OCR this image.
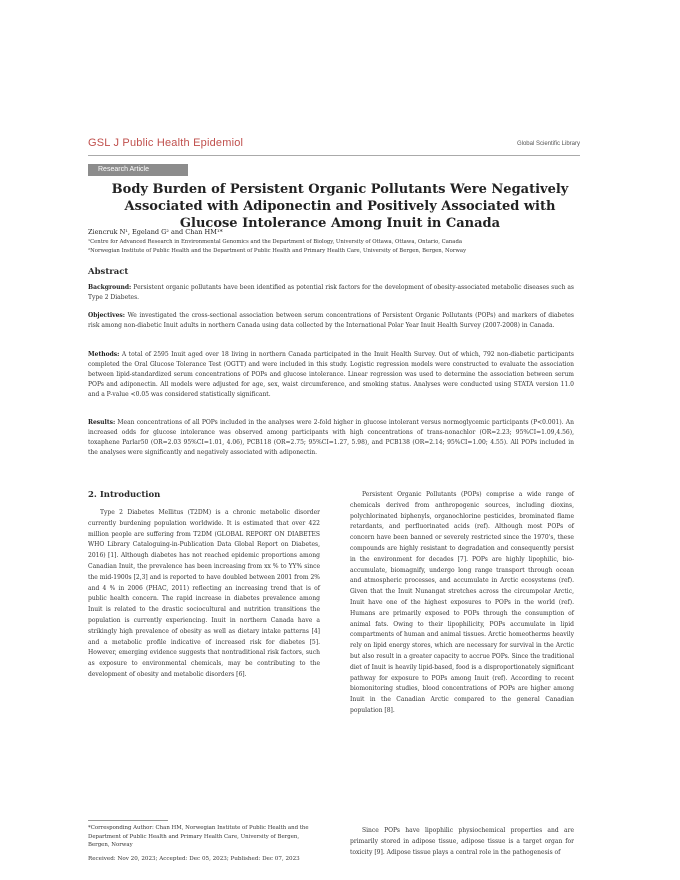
GSL J Public Health Epidemiol	Global Scientific Library
Research Article
Body Burden of Persistent Organic Pollutants Were Negatively Associated with Adiponectin and Positively Associated with Glucose Intolerance Among Inuit in Canada
Ziencruk N¹, Egeland G² and Chan HM¹*
¹Centre for Advanced Research in Environmental Genomics and the Department of Biology, University of Ottawa, Ottawa, Ontario, Canada
²Norwegian Institute of Public Health and the Department of Public Health and Primary Health Care, University of Bergen, Bergen, Norway
Abstract
Background: Persistent organic pollutants have been identified as potential risk factors for the development of obesity-associated metabolic diseases such as Type 2 Diabetes.
Objectives: We investigated the cross-sectional association between serum concentrations of Persistent Organic Pollutants (POPs) and markers of diabetes risk among non-diabetic Inuit adults in northern Canada using data collected by the International Polar Year Inuit Health Survey (2007-2008) in Canada.
Methods: A total of 2595 Inuit aged over 18 living in northern Canada participated in the Inuit Health Survey. Out of which, 792 non-diabetic participants completed the Oral Glucose Tolerance Test (OGTT) and were included in this study. Logistic regression models were constructed to evaluate the association between lipid-standardized serum concentrations of POPs and glucose intolerance. Linear regression was used to determine the association between serum POPs and adiponectin. All models were adjusted for age, sex, waist circumference, and smoking status. Analyses were conducted using STATA version 11.0 and a P-value <0.05 was considered statistically significant.
Results: Mean concentrations of all POPs included in the analyses were 2-fold higher in glucose intolerant versus normoglycemic participants (P<0.001). An increased odds for glucose intolerance was observed among participants with high concentrations of trans-nonachlor (OR=2.23; 95%CI=1.09,4.56), toxaphene Parlar50 (OR=2.03 95%CI=1.01, 4.06), PCB118 (OR=2.75; 95%CI=1.27, 5.98), and PCB138 (OR=2.14; 95%CI=1.00; 4.55). All POPs included in the analyses were significantly and negatively associated with adiponectin.
2. Introduction

Type 2 Diabetes Mellitus (T2DM) is a chronic metabolic disorder currently burdening population worldwide. It is estimated that over 422 million people are suffering from T2DM (GLOBAL REPORT ON DIABETES WHO Library Cataloguing-in-Publication Data Global Report on Diabetes, 2016) [1]. Although diabetes has not reached epidemic proportions among Canadian Inuit, the prevalence has been increasing from xx % to YY% since the mid-1900s [2,3] and is reported to have doubled between 2001 from 2% and 4 % in 2006 (PHAC, 2011) reflecting an increasing trend that is of public health concern. The rapid increase in diabetes prevalence among Inuit is related to the drastic sociocultural and nutrition transitions the population is currently experiencing. Inuit in northern Canada have a strikingly high prevalence of obesity as well as dietary intake patterns [4] and a metabolic profile indicative of increased risk for diabetes [5]. However, emerging evidence suggests that nontraditional risk factors, such as exposure to environmental chemicals, may be contributing to the development of obesity and metabolic disorders [6].

Persistent Organic Pollutants (POPs) comprise a wide range of chemicals derived from anthropogenic sources, including dioxins, polychlorinated biphenyls, organochlorine pesticides, brominated flame retardants, and perfluorinated acids (ref). Although most POPs of concern have been banned or severely restricted since the 1970's, these compounds are highly resistant to degradation and consequently persist in the environment for decades [7]. POPs are highly lipophilic, bio-accumulate, biomagnify, undergo long range transport through ocean and atmospheric processes, and accumulate in Arctic ecosystems (ref). Given that the Inuit Nunangat stretches across the circumpolar Arctic, Inuit have one of the highest exposures to POPs in the world (ref). Humans are primarily exposed to POPs through the consumption of animal fats. Owing to their lipophilicity, POPs accumulate in lipid compartments of human and animal tissues. Arctic homeotherms heavily rely on lipid energy stores, which are necessary for survival in the Arctic but also result in a greater capacity to accrue POPs. Since the traditional diet of Inuit is heavily lipid-based, food is a disproportionately significant pathway for exposure to POPs among Inuit (ref). According to recent biomonitoring studies, blood concentrations of POPs are higher among Inuit in the Canadian Arctic compared to the general Canadian population [8].

Since POPs have lipophilic physiochemical properties and are primarily stored in adipose tissue, adipose tissue is a target organ for toxicity [9]. Adipose tissue plays a central role in the pathogenesis of

*Corresponding Author: Chan HM, Norwegian Institute of Public Health and the Department of Public Health and Primary Health Care, University of Bergen, Bergen, Norway
Received: Nov 20, 2023; Accepted: Dec 05, 2023; Published: Dec 07, 2023
